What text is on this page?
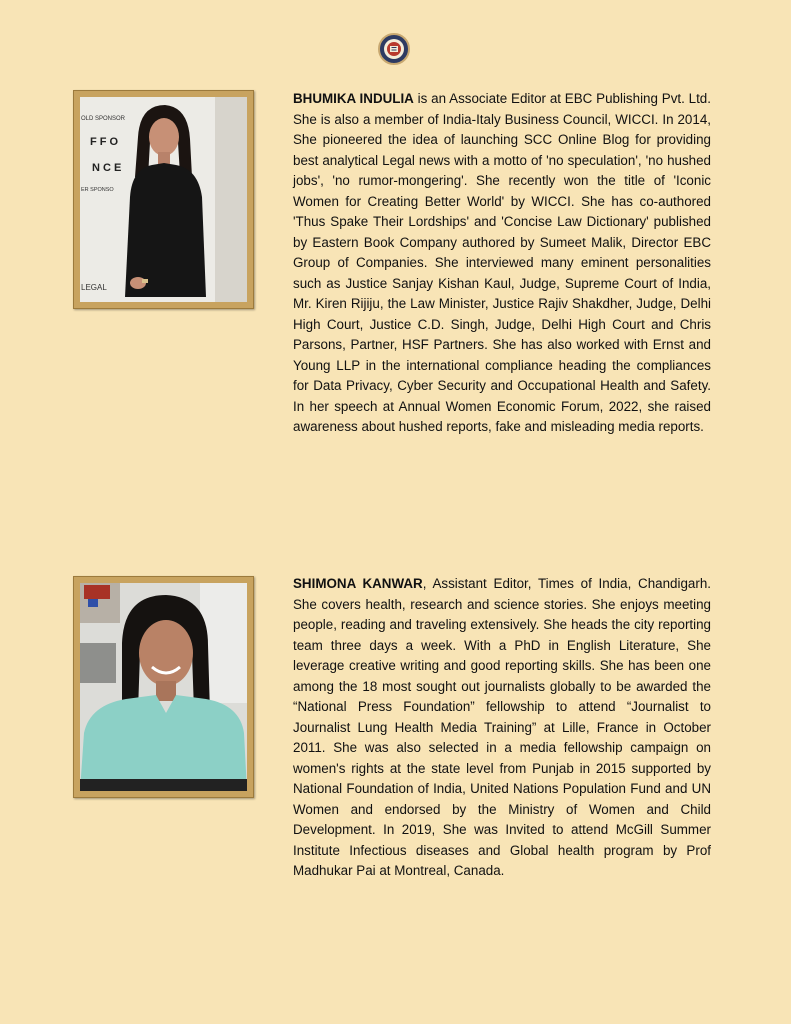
OLD SPONSOR
F F O
N C E
ER SPONSO
LEGAL

BHUMIKA INDULIA is an Associate Editor at EBC Publishing Pvt. Ltd. She is also a member of India-Italy Business Council, WICCI. In 2014, She pioneered the idea of launching SCC Online Blog for providing best analytical Legal news with a motto of 'no speculation', 'no hushed jobs', 'no rumor-mongering'. She recently won the title of 'Iconic Women for Creating Better World' by WICCI. She has co-authored 'Thus Spake Their Lordships' and 'Concise Law Dictionary' published by Eastern Book Company authored by Sumeet Malik, Director EBC Group of Companies. She interviewed many eminent personalities such as Justice Sanjay Kishan Kaul, Judge, Supreme Court of India, Mr. Kiren Rijiju, the Law Minister, Justice Rajiv Shakdher, Judge, Delhi High Court, Justice C.D. Singh, Judge, Delhi High Court and Chris Parsons, Partner, HSF Partners. She has also worked with Ernst and Young LLP in the international compliance heading the compliances for Data Privacy, Cyber Security and Occupational Health and Safety. In her speech at Annual Women Economic Forum, 2022, she raised awareness about hushed reports, fake and misleading media reports.

SHIMONA KANWAR, Assistant Editor, Times of India, Chandigarh. She covers health, research and science stories. She enjoys meeting people, reading and traveling extensively. She heads the city reporting team three days a week. With a PhD in English Literature, She leverage creative writing and good reporting skills. She has been one among the 18 most sought out journalists globally to be awarded the “National Press Foundation” fellowship to attend “Journalist to Journalist Lung Health Media Training” at Lille, France in October 2011. She was also selected in a media fellowship campaign on women's rights at the state level from Punjab in 2015 supported by National Foundation of India, United Nations Population Fund and UN Women and endorsed by the Ministry of Women and Child Development. In 2019, She was Invited to attend McGill Summer Institute Infectious diseases and Global health program by Prof Madhukar Pai at Montreal, Canada.
